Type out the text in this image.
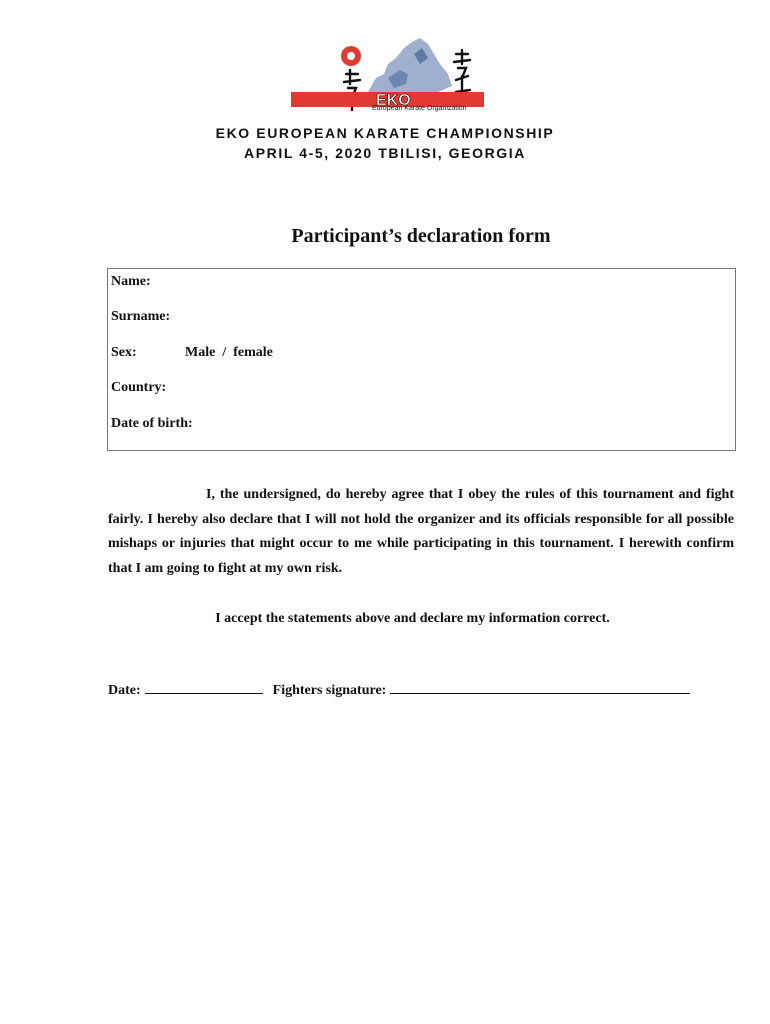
EKO
European Karate Organization
EKO EUROPEAN KARATE CHAMPIONSHIP
APRIL 4-5, 2020 TBILISI, GEORGIA
Participant’s declaration form
Name:
Surname:
Sex:	Male  /  female
Country:
Date of birth:

I, the undersigned, do hereby agree that I obey the rules of this tournament and fight fairly. I hereby also declare that I will not hold the organizer and its officials responsible for all possible mishaps or injuries that might occur to me while participating in this tournament. I herewith confirm that I am going to fight at my own risk.

I accept the statements above and declare my information correct.
Date:	Fighters signature:
